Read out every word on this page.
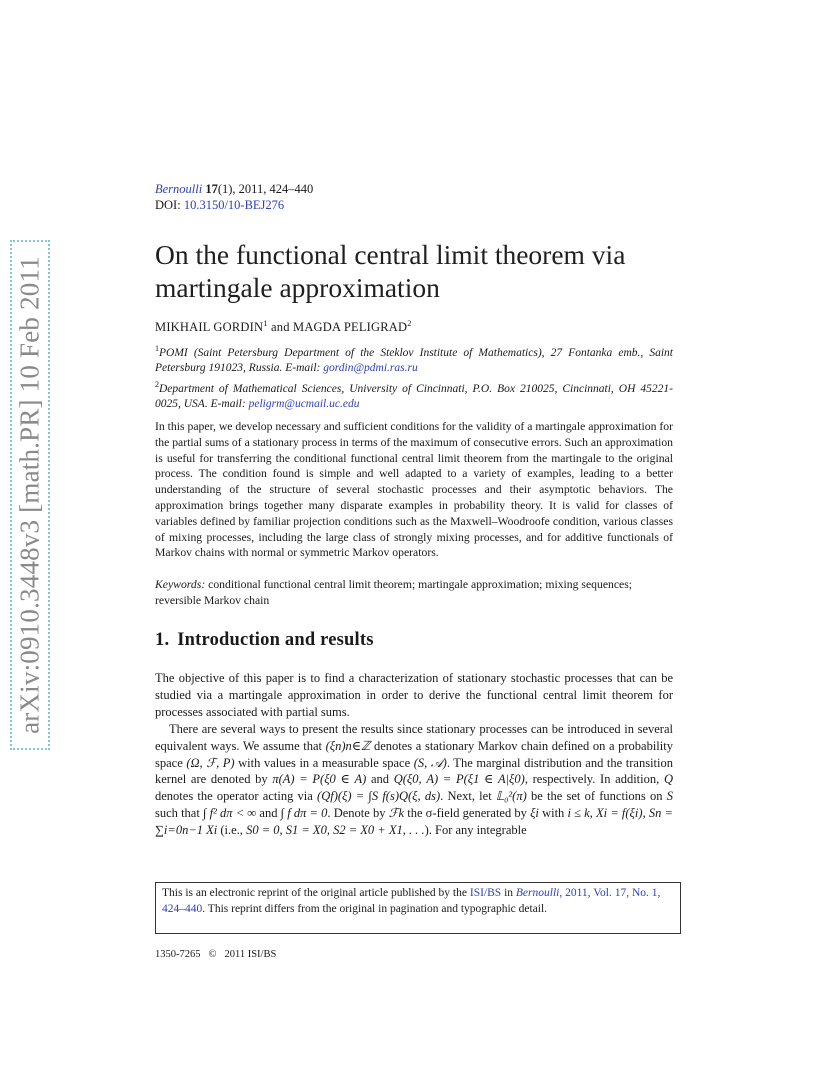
arXiv:0910.3448v3 [math.PR] 10 Feb 2011
Bernoulli 17(1), 2011, 424–440
DOI: 10.3150/10-BEJ276
On the functional central limit theorem via martingale approximation
MIKHAIL GORDIN$^1$ and MAGDA PELIGRAD$^2$

$^1$POMI (Saint Petersburg Department of the Steklov Institute of Mathematics), 27 Fontanka emb., Saint Petersburg 191023, Russia. E-mail: gordin@pdmi.ras.ru

$^2$Department of Mathematical Sciences, University of Cincinnati, P.O. Box 210025, Cincinnati, OH 45221-0025, USA. E-mail: peligrm@ucmail.uc.edu

In this paper, we develop necessary and sufficient conditions for the validity of a martingale approximation for the partial sums of a stationary process in terms of the maximum of consecutive errors. Such an approximation is useful for transferring the conditional functional central limit theorem from the martingale to the original process. The condition found is simple and well adapted to a variety of examples, leading to a better understanding of the structure of several stochastic processes and their asymptotic behaviors. The approximation brings together many disparate examples in probability theory. It is valid for classes of variables defined by familiar projection conditions such as the Maxwell–Woodroofe condition, various classes of mixing processes, including the large class of strongly mixing processes, and for additive functionals of Markov chains with normal or symmetric Markov operators.
Keywords: conditional functional central limit theorem; martingale approximation; mixing sequences; reversible Markov chain
1. Introduction and results

The objective of this paper is to find a characterization of stationary stochastic processes that can be studied via a martingale approximation in order to derive the functional central limit theorem for processes associated with partial sums.

There are several ways to present the results since stationary processes can be introduced in several equivalent ways. We assume that (ξn)n∈ℤ denotes a stationary Markov chain defined on a probability space (Ω, ℱ, P) with values in a measurable space (S, 𝒜). The marginal distribution and the transition kernel are denoted by π(A) = P(ξ0 ∈ A) and Q(ξ0, A) = P(ξ1 ∈ A|ξ0), respectively. In addition, Q denotes the operator acting via (Qf)(ξ) = ∫S f(s)Q(ξ, ds). Next, let 𝕃₀²(π) be the set of functions on S such that ∫ f² dπ < ∞ and ∫ f dπ = 0. Denote by ℱk the σ-field generated by ξi with i ≤ k, Xi = f(ξi), Sn = ∑i=0n−1 Xi (i.e., S0 = 0, S1 = X0, S2 = X0 + X1, . . .). For any integrable

This is an electronic reprint of the original article published by the ISI/BS in Bernoulli, 2011, Vol. 17, No. 1, 424–440. This reprint differs from the original in pagination and typographic detail.
1350-7265 © 2011 ISI/BS
